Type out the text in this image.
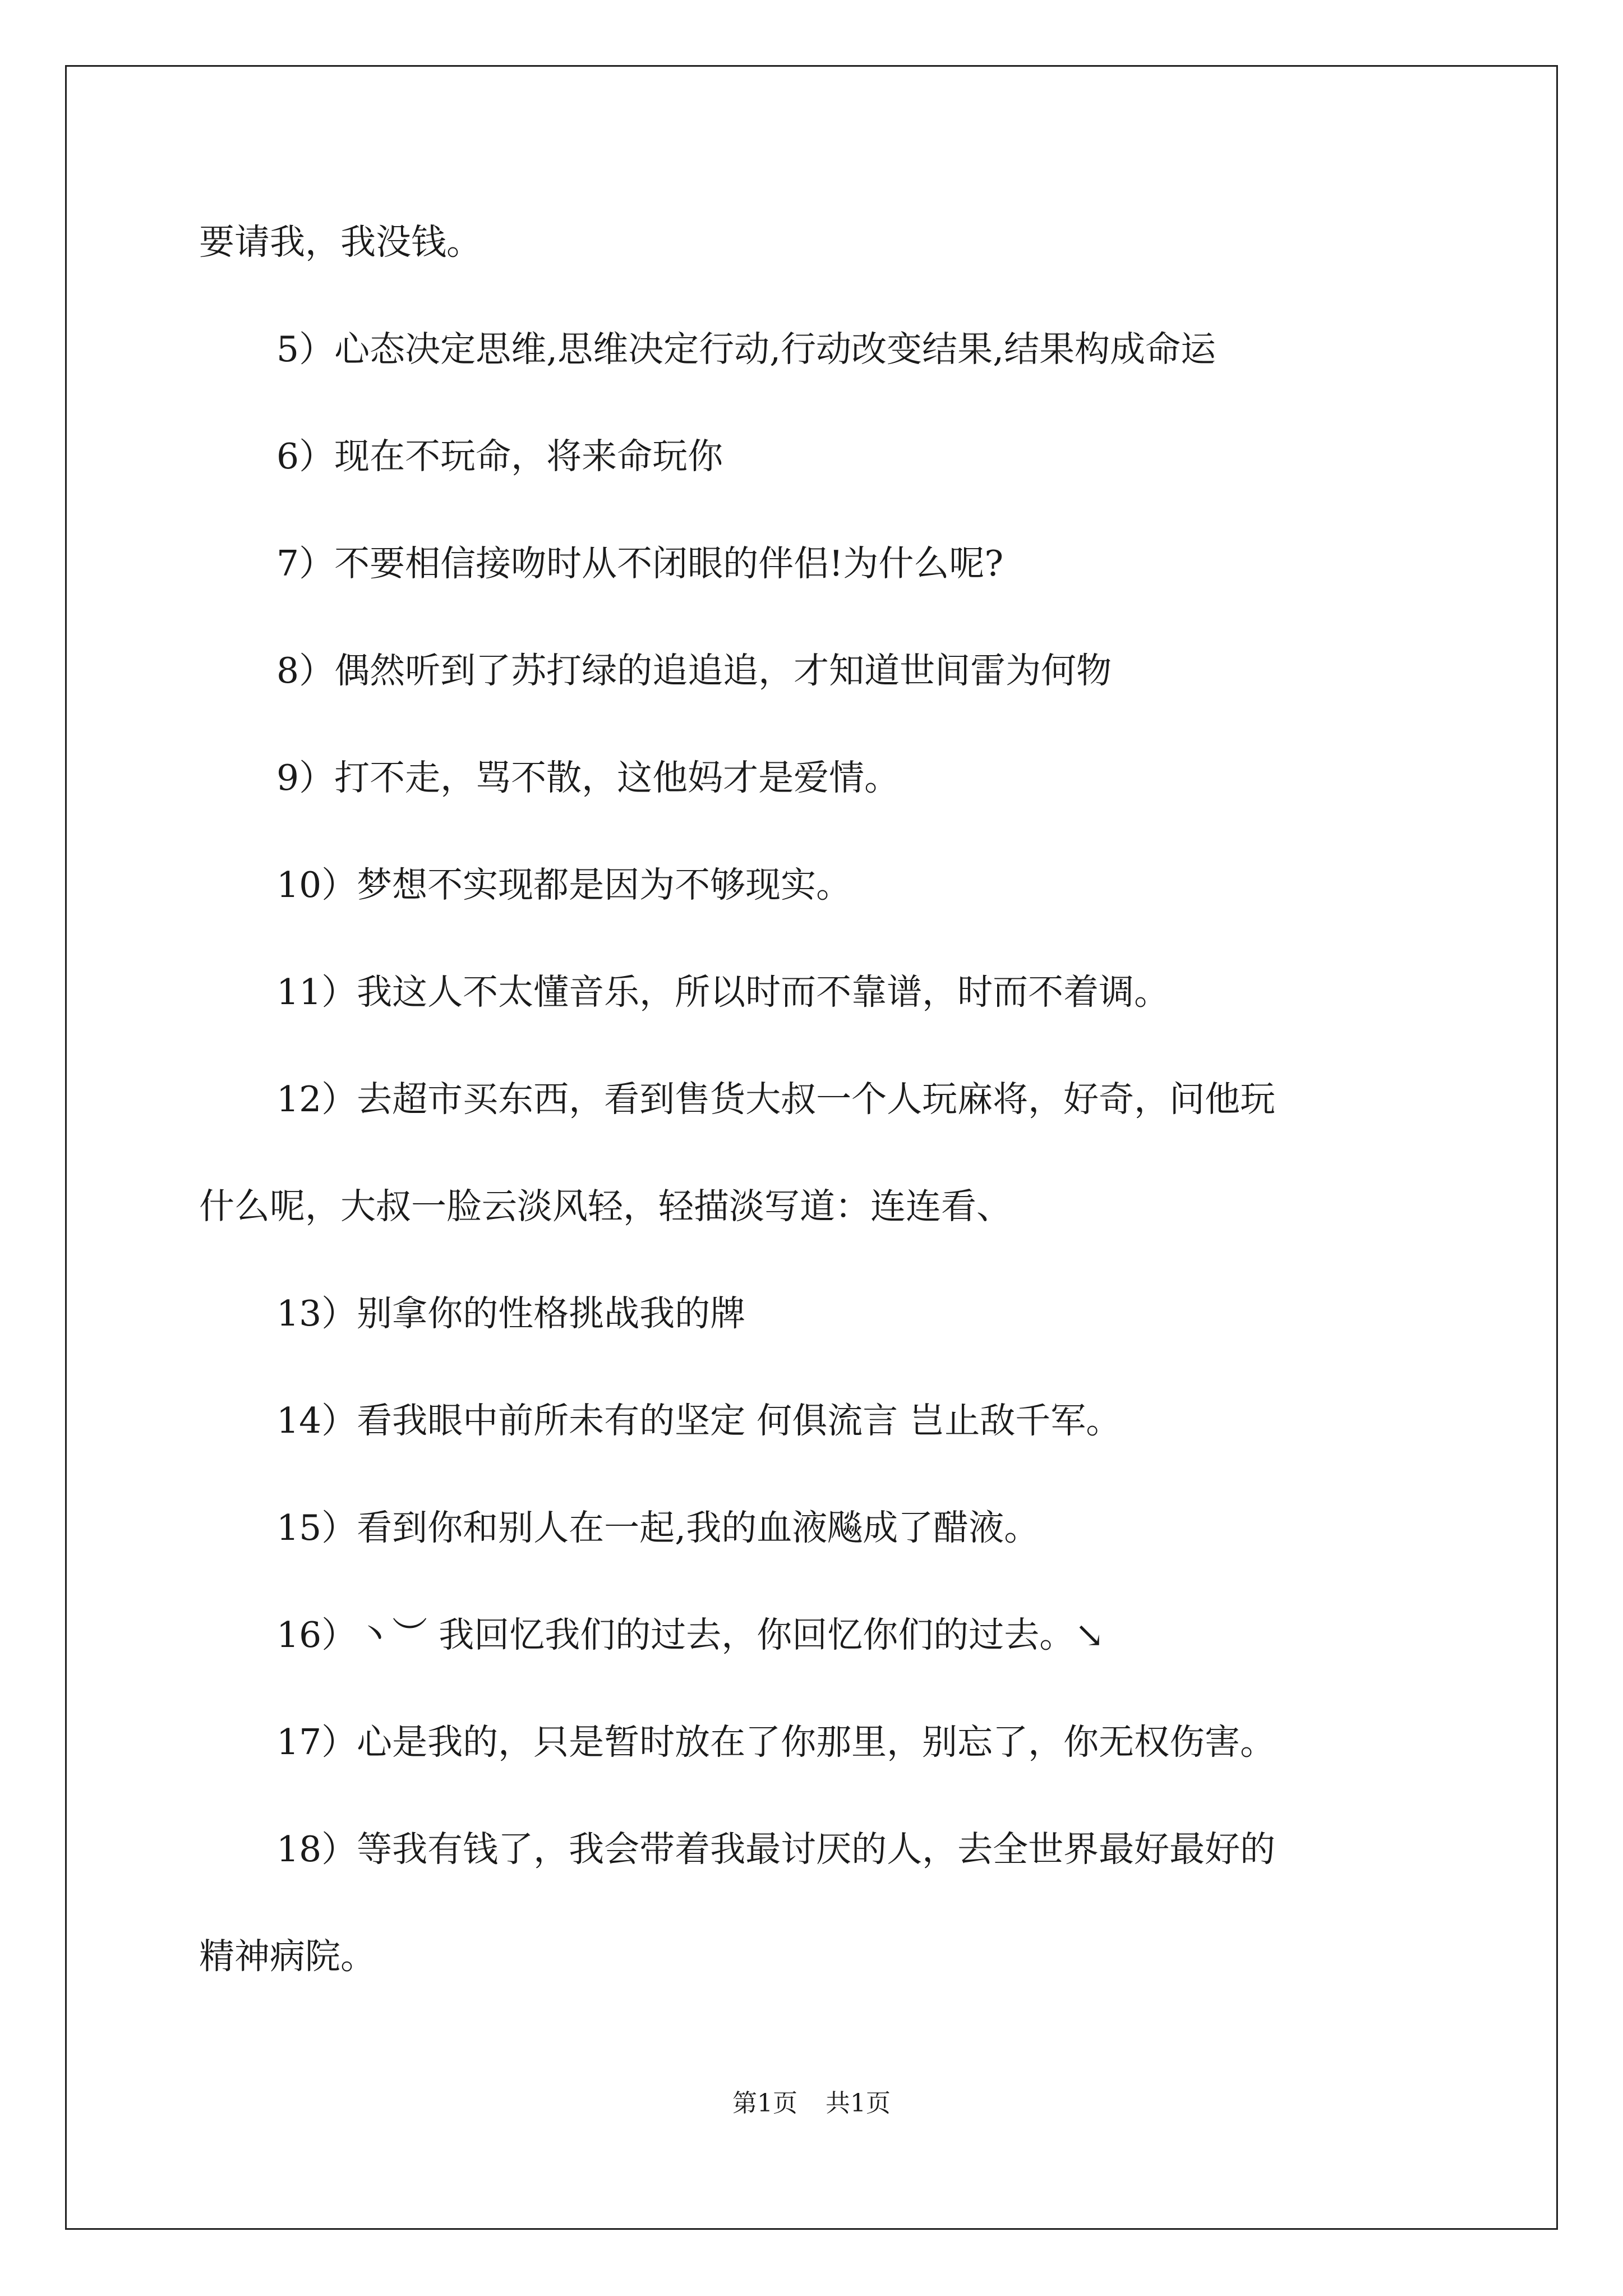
要请我，我没钱。
5）心态决定思维,思维决定行动,行动改变结果,结果构成命运
6）现在不玩命，将来命玩你
7）不要相信接吻时从不闭眼的伴侣!为什么呢?
8）偶然听到了苏打绿的追追追，才知道世间雷为何物
9）打不走，骂不散，这他妈才是爱情。
10）梦想不实现都是因为不够现实。
11）我这人不太懂音乐，所以时而不靠谱，时而不着调。
12）去超市买东西，看到售货大叔一个人玩麻将，好奇，问他玩
什么呢，大叔一脸云淡风轻，轻描淡写道：连连看、
13）别拿你的性格挑战我的牌
14）看我眼中前所未有的坚定 何俱流言 岂止敌千军。
15）看到你和别人在一起,我的血液飚成了醋液。
16）丶︶ 我回忆我们的过去，你回忆你们的过去。↘
17）心是我的，只是暂时放在了你那里，别忘了，你无权伤害。
18）等我有钱了，我会带着我最讨厌的人，去全世界最好最好的
精神病院。
第1页 共1页
